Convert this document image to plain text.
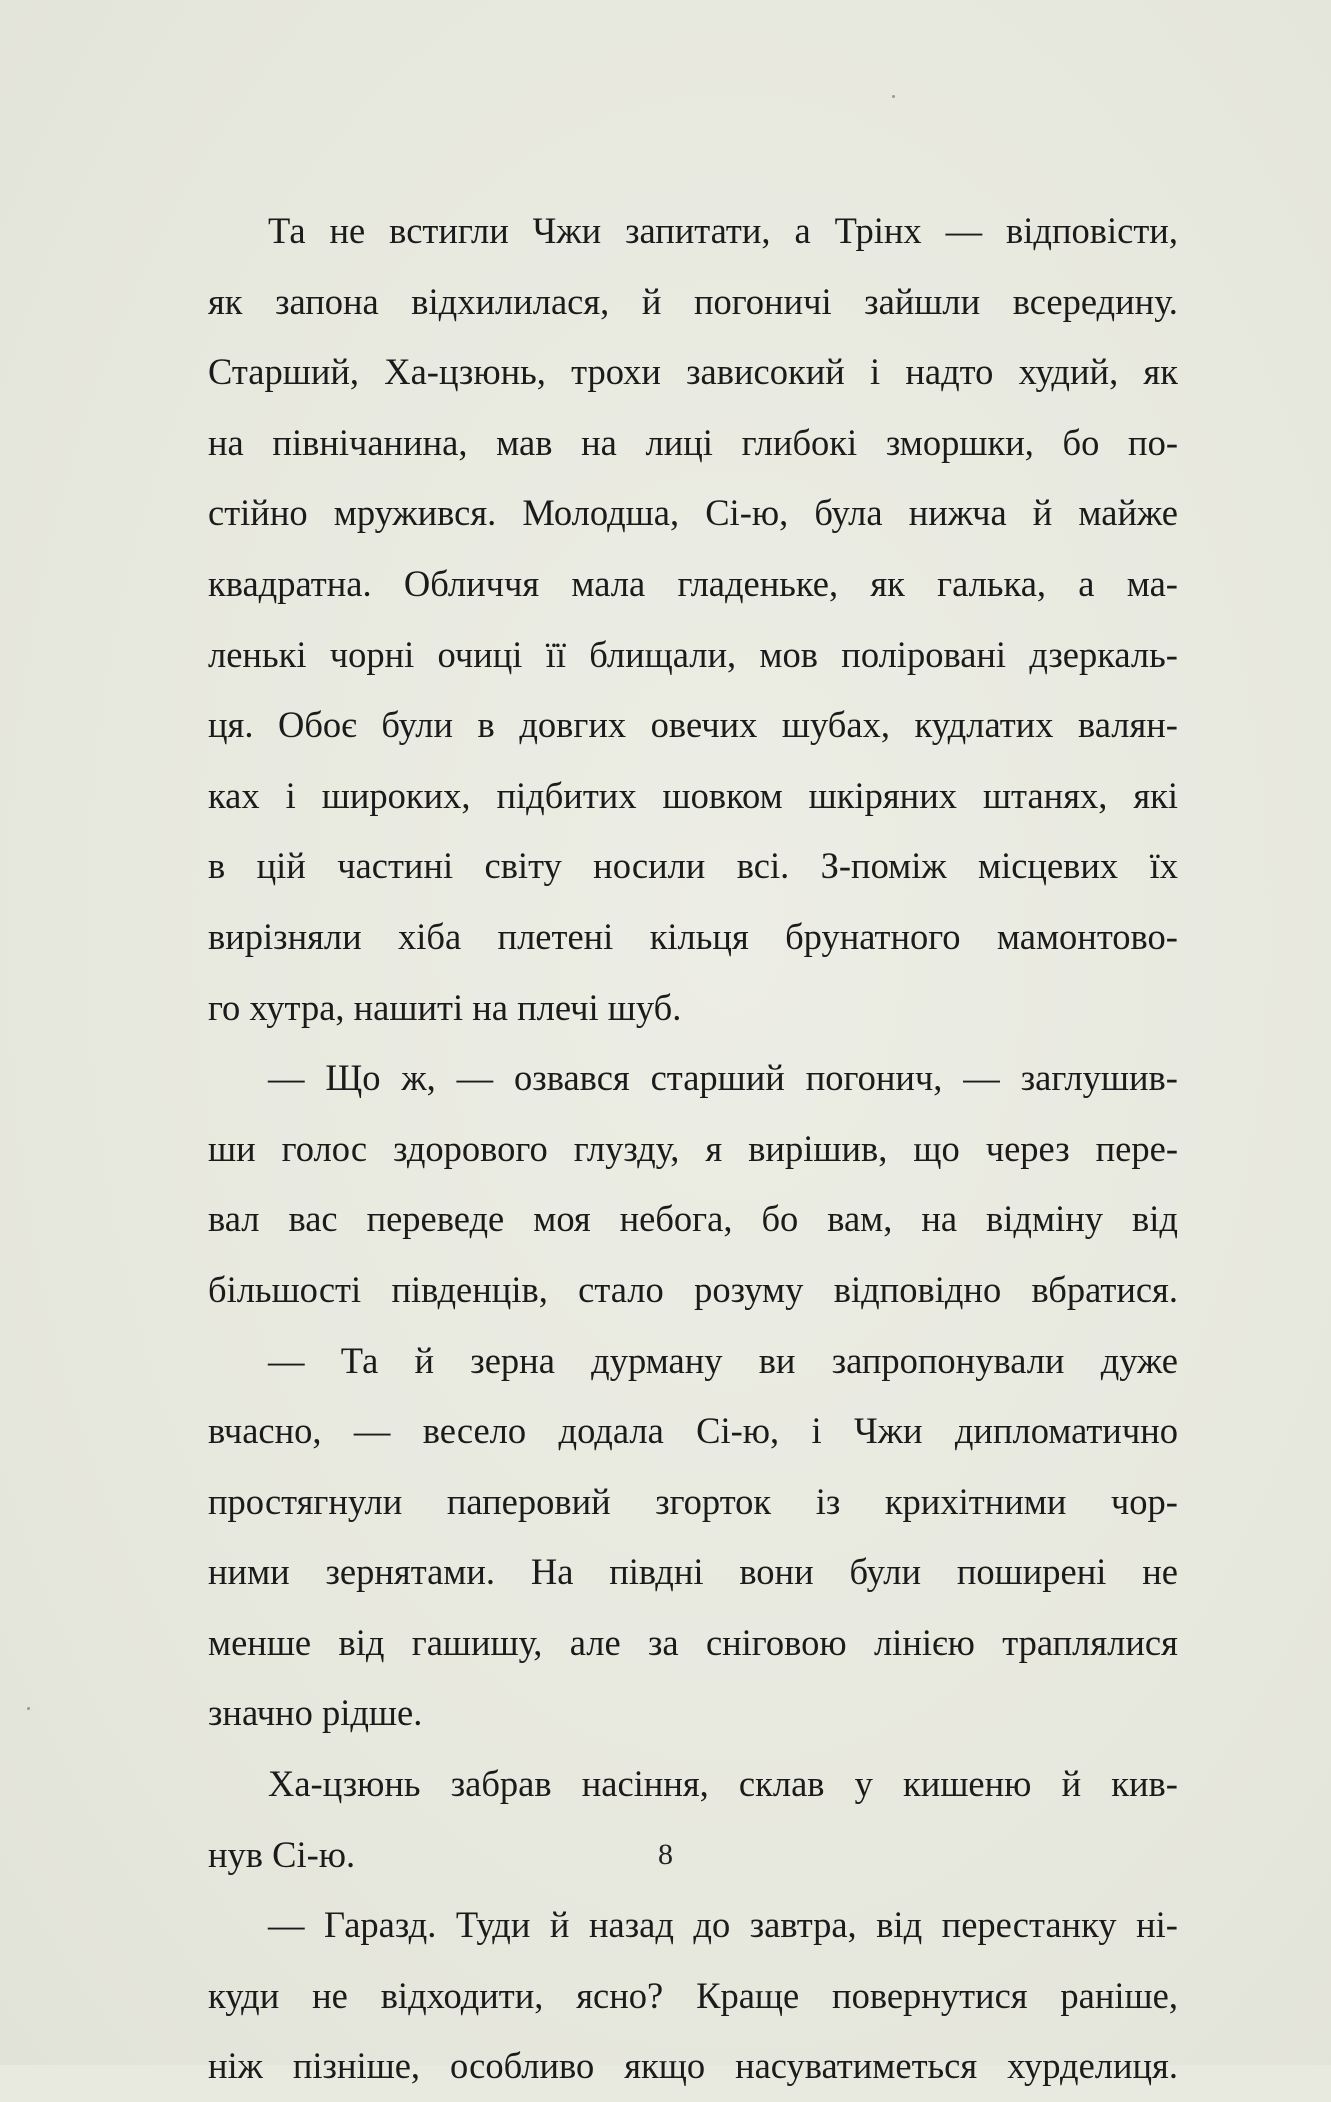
Та не встигли Чжи запитати, а Трінх — відповісти,
як запона відхилилася, й погоничі зайшли всередину.
Старший, Ха-цзюнь, трохи зависокий і надто худий, як
на північанина, мав на лиці глибокі зморшки, бо по-
стійно мружився. Молодша, Сі-ю, була нижча й майже
квадратна. Обличчя мала гладеньке, як галька, а ма-
ленькі чорні очиці її блищали, мов поліровані дзеркаль-
ця. Обоє були в довгих овечих шубах, кудлатих валян-
ках і широких, підбитих шовком шкіряних штанях, які
в цій частині світу носили всі. З-поміж місцевих їх
вирізняли хіба плетені кільця брунатного мамонтово-
го хутра, нашиті на плечі шуб.
— Що ж, — озвався старший погонич, — заглушив-
ши голос здорового глузду, я вирішив, що через пере-
вал вас переведе моя небога, бо вам, на відміну від
більшості південців, стало розуму відповідно вбратися.
— Та й зерна дурману ви запропонували дуже
вчасно, — весело додала Сі-ю, і Чжи дипломатично
простягнули паперовий згорток із крихітними чор-
ними зернятами. На півдні вони були поширені не
менше від гашишу, але за сніговою лінією траплялися
значно рідше.
Ха-цзюнь забрав насіння, склав у кишеню й кив-
нув Сі-ю.
— Гаразд. Туди й назад до завтра, від перестанку ні-
куди не відходити, ясно? Краще повернутися раніше,
ніж пізніше, особливо якщо насуватиметься хурделиця.
8
